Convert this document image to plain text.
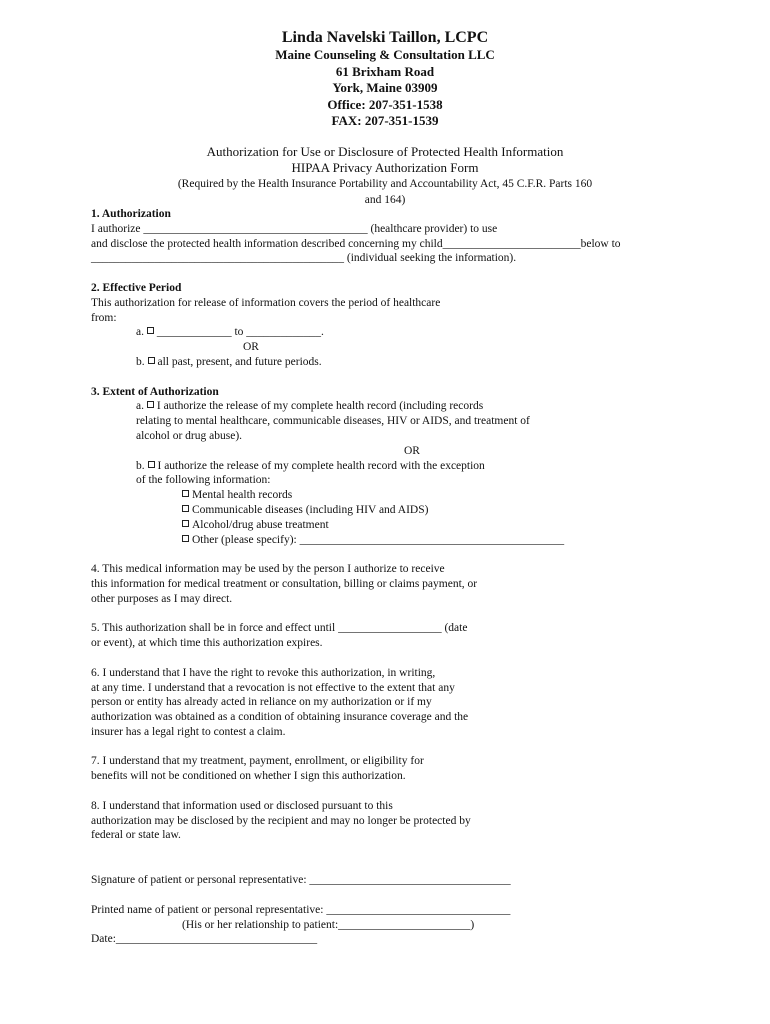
Linda Navelski Taillon, LCPC
Maine Counseling & Consultation LLC
61 Brixham Road
York, Maine 03909
Office: 207-351-1538
FAX: 207-351-1539
Authorization for Use or Disclosure of Protected Health Information
HIPAA Privacy Authorization Form
(Required by the Health Insurance Portability and Accountability Act, 45 C.F.R. Parts 160 and 164)

1. Authorization

I authorize _______________________________________ (healthcare provider) to use

and disclose the protected health information described concerning my child________________________below to

____________________________________________ (individual seeking the information).

2. Effective Period

This authorization for release of information covers the period of healthcare

from:

a. _____________ to _____________.

OR

b. all past, present, and future periods.

3. Extent of Authorization

a. I authorize the release of my complete health record (including records

relating to mental healthcare, communicable diseases, HIV or AIDS, and treatment of

alcohol or drug abuse).

OR

b. I authorize the release of my complete health record with the exception

of the following information:

Mental health records

Communicable diseases (including HIV and AIDS)

Alcohol/drug abuse treatment

Other (please specify): ______________________________________________

4. This medical information may be used by the person I authorize to receive

this information for medical treatment or consultation, billing or claims payment, or

other purposes as I may direct.

5. This authorization shall be in force and effect until __________________ (date

or event), at which time this authorization expires.

6. I understand that I have the right to revoke this authorization, in writing,

at any time. I understand that a revocation is not effective to the extent that any

person or entity has already acted in reliance on my authorization or if my

authorization was obtained as a condition of obtaining insurance coverage and the

insurer has a legal right to contest a claim.

7. I understand that my treatment, payment, enrollment, or eligibility for

benefits will not be conditioned on whether I sign this authorization.

8. I understand that information used or disclosed pursuant to this

authorization may be disclosed by the recipient and may no longer be protected by

federal or state law.

Signature of patient or personal representative: ___________________________________

Printed name of patient or personal representative: ________________________________

(His or her relationship to patient:_______________________)

Date:___________________________________
